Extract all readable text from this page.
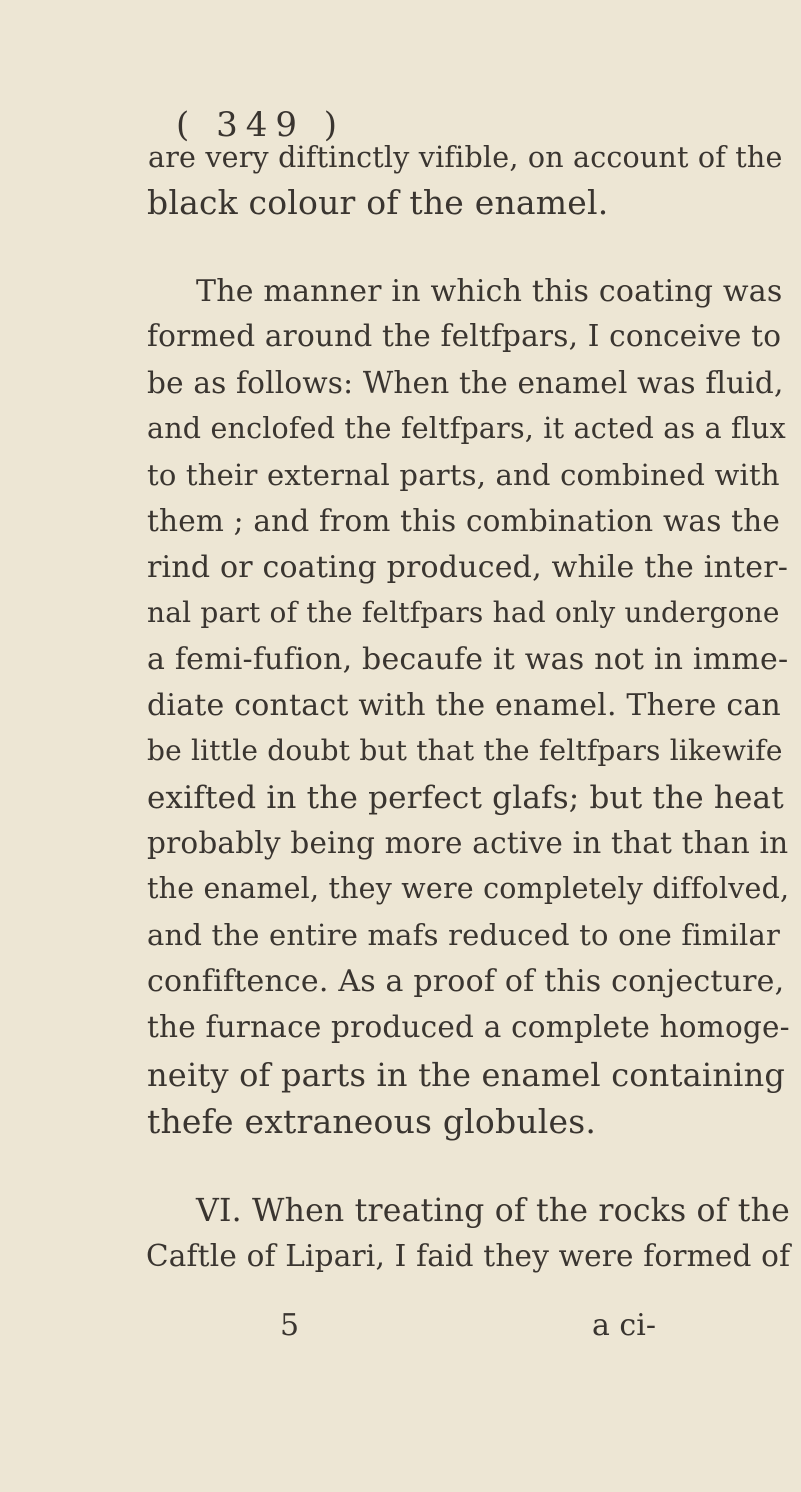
( 349 )
are very diftinctly vifible, on account of the
black colour of the enamel.
The manner in which this coating was
formed around the feltfpars, I conceive to
be as follows: When the enamel was fluid,
and enclofed the feltfpars, it acted as a flux
to their external parts, and combined with
them ; and from this combination was the
rind or coating produced, while the inter-
nal part of the feltfpars had only undergone
a femi-fufion, becaufe it was not in imme-
diate contact with the enamel. There can
be little doubt but that the feltfpars likewife
exifted in the perfect glafs; but the heat
probably being more active in that than in
the enamel, they were completely diffolved,
and the entire mafs reduced to one fimilar
confiftence. As a proof of this conjecture,
the furnace produced a complete homoge-
neity of parts in the enamel containing
thefe extraneous globules.
VI. When treating of the rocks of the
Caftle of Lipari, I faid they were formed of
5	a ci-
